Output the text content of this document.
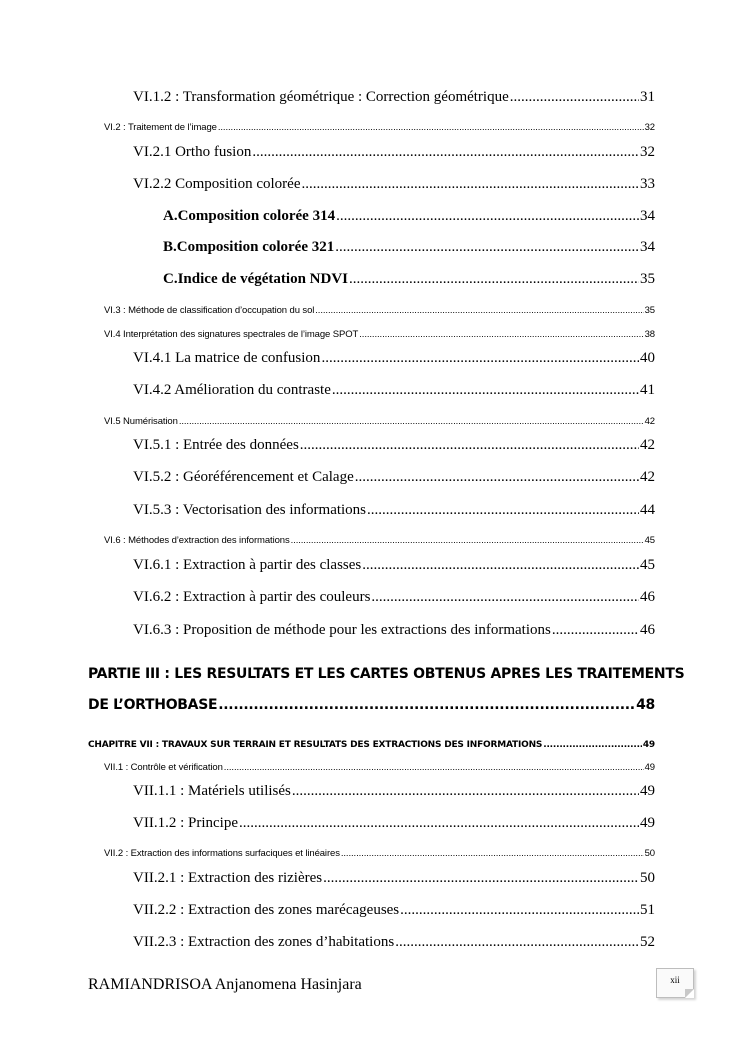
VI.1.2 : Transformation géométrique : Correction géométrique .....	31
VI.2 : Traitement de l’image .....	32
VI.2.1 Ortho fusion .....	32
VI.2.2 Composition colorée .....	33
A. Composition colorée 314 .....	34
B. Composition colorée 321 .....	34
C. Indice de végétation NDVI .....	35
VI.3 : Méthode de classification d’occupation du sol .....	35
VI.4 Interprétation des signatures spectrales de l’image SPOT .....	38
VI.4.1 La matrice de confusion .....	40
VI.4.2 Amélioration du contraste .....	41
VI.5 Numérisation .....	42
VI.5.1 : Entrée des données .....	42
VI.5.2 : Géoréférencement et Calage .....	42
VI.5.3 : Vectorisation des informations .....	44
VI.6 : Méthodes d’extraction des informations .....	45
VI.6.1 : Extraction à partir des classes .....	45
VI.6.2 : Extraction à partir des couleurs .....	46
VI.6.3 : Proposition de méthode pour les extractions des informations .....	46
PARTIE III : LES RESULTATS ET LES CARTES OBTENUS APRES LES TRAITEMENTS
DE L’ORTHOBASE .....	48
CHAPITRE VII : TRAVAUX SUR TERRAIN ET RESULTATS DES EXTRACTIONS DES INFORMATIONS .....	49
VII.1 : Contrôle et vérification .....	49
VII.1.1 : Matériels utilisés .....	49
VII.1.2 : Principe .....	49
VII.2 : Extraction des informations surfaciques et linéaires .....	50
VII.2.1 : Extraction des rizières .....	50
VII.2.2 : Extraction des zones marécageuses .....	51
VII.2.3 : Extraction des zones d’habitations .....	52
RAMIANDRISOA Anjanomena Hasinjara	xii
